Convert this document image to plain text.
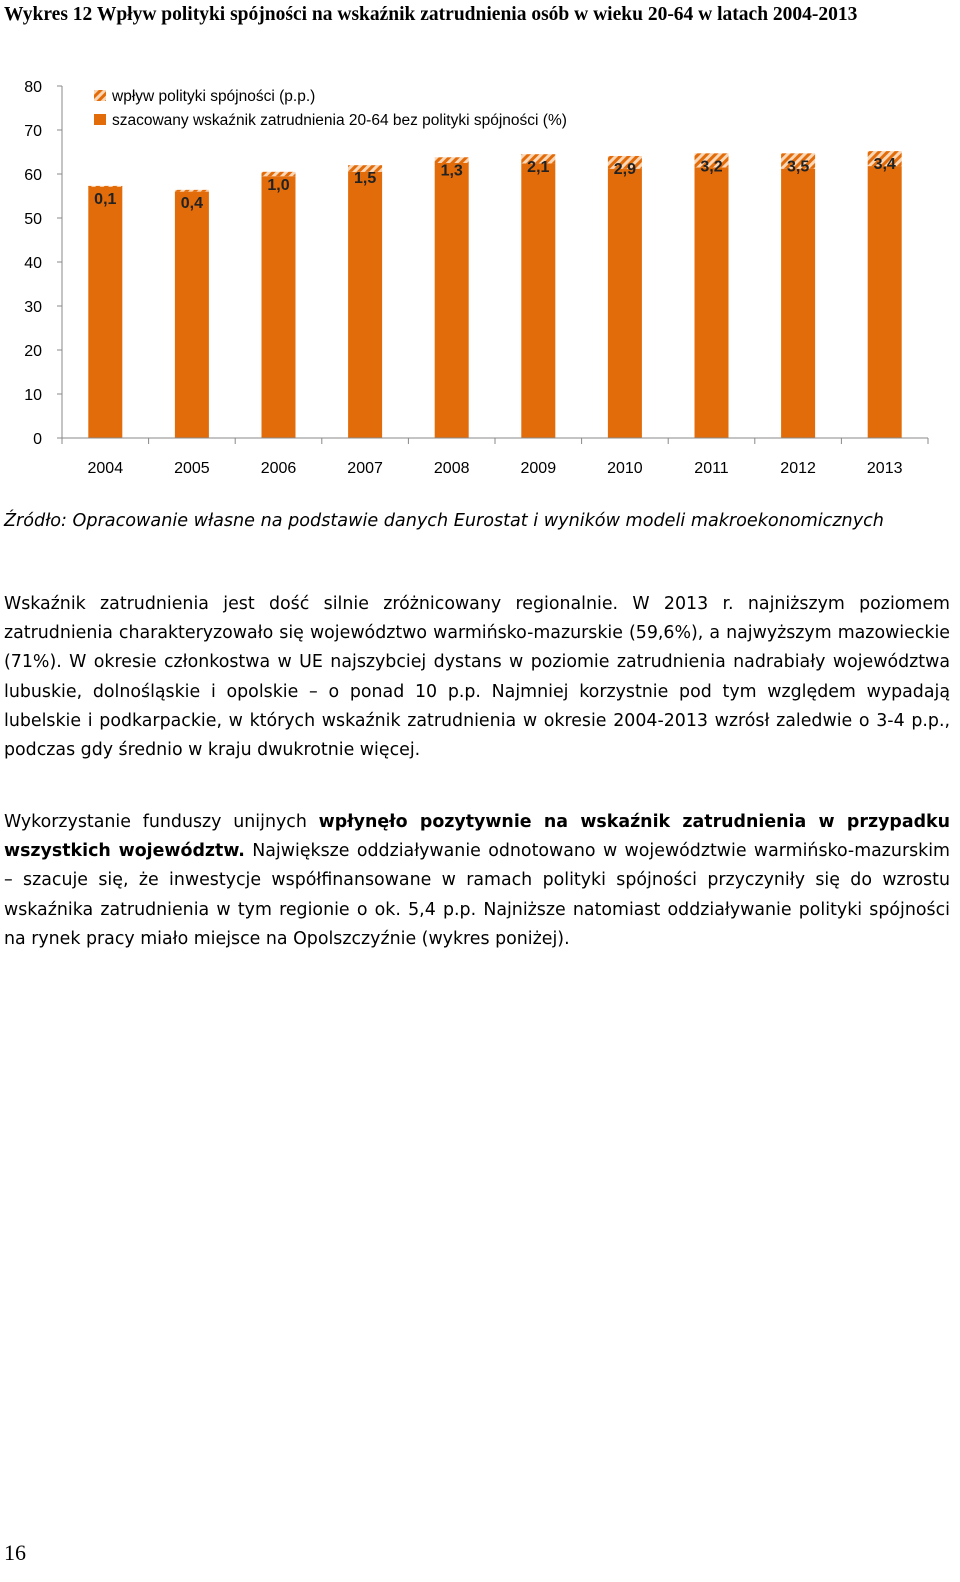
Wykres 12 Wpływ polityki spójności na wskaźnik zatrudnienia osób w wieku 20-64 w latach 2004-2013
0
10
20
30
40
50
60
70
80
0,1	0,4
1,0	1,5	1,3	2,1	2,9	3,2	3,5	3,4
2004	2005	2006	2007	2008	2009	2010	2011	2012	2013
wpływ polityki spójności (p.p.)
szacowany wskaźnik zatrudnienia 20-64 bez polityki spójności (%)
Źródło: Opracowanie własne na podstawie danych Eurostat i wyników modeli makroekonomicznych

Wskaźnik zatrudnienia jest dość silnie zróżnicowany regionalnie. W 2013 r. najniższym poziomem zatrudnienia charakteryzowało się województwo warmińsko-mazurskie (59,6%), a najwyższym mazowieckie (71%). W okresie członkostwa w UE najszybciej dystans w poziomie zatrudnienia nadrabiały województwa lubuskie, dolnośląskie i opolskie – o ponad 10 p.p. Najmniej korzystnie pod tym względem wypadają lubelskie i podkarpackie, w których wskaźnik zatrudnienia w okresie 2004-2013 wzrósł zaledwie o 3-4 p.p., podczas gdy średnio w kraju dwukrotnie więcej.

Wykorzystanie funduszy unijnych wpłynęło pozytywnie na wskaźnik zatrudnienia w przypadku wszystkich województw. Największe oddziaływanie odnotowano w województwie warmińsko-mazurskim – szacuje się, że inwestycje współfinansowane w ramach polityki spójności przyczyniły się do wzrostu wskaźnika zatrudnienia w tym regionie o ok. 5,4 p.p. Najniższe natomiast oddziaływanie polityki spójności na rynek pracy miało miejsce na Opolszczyźnie (wykres poniżej).

16
